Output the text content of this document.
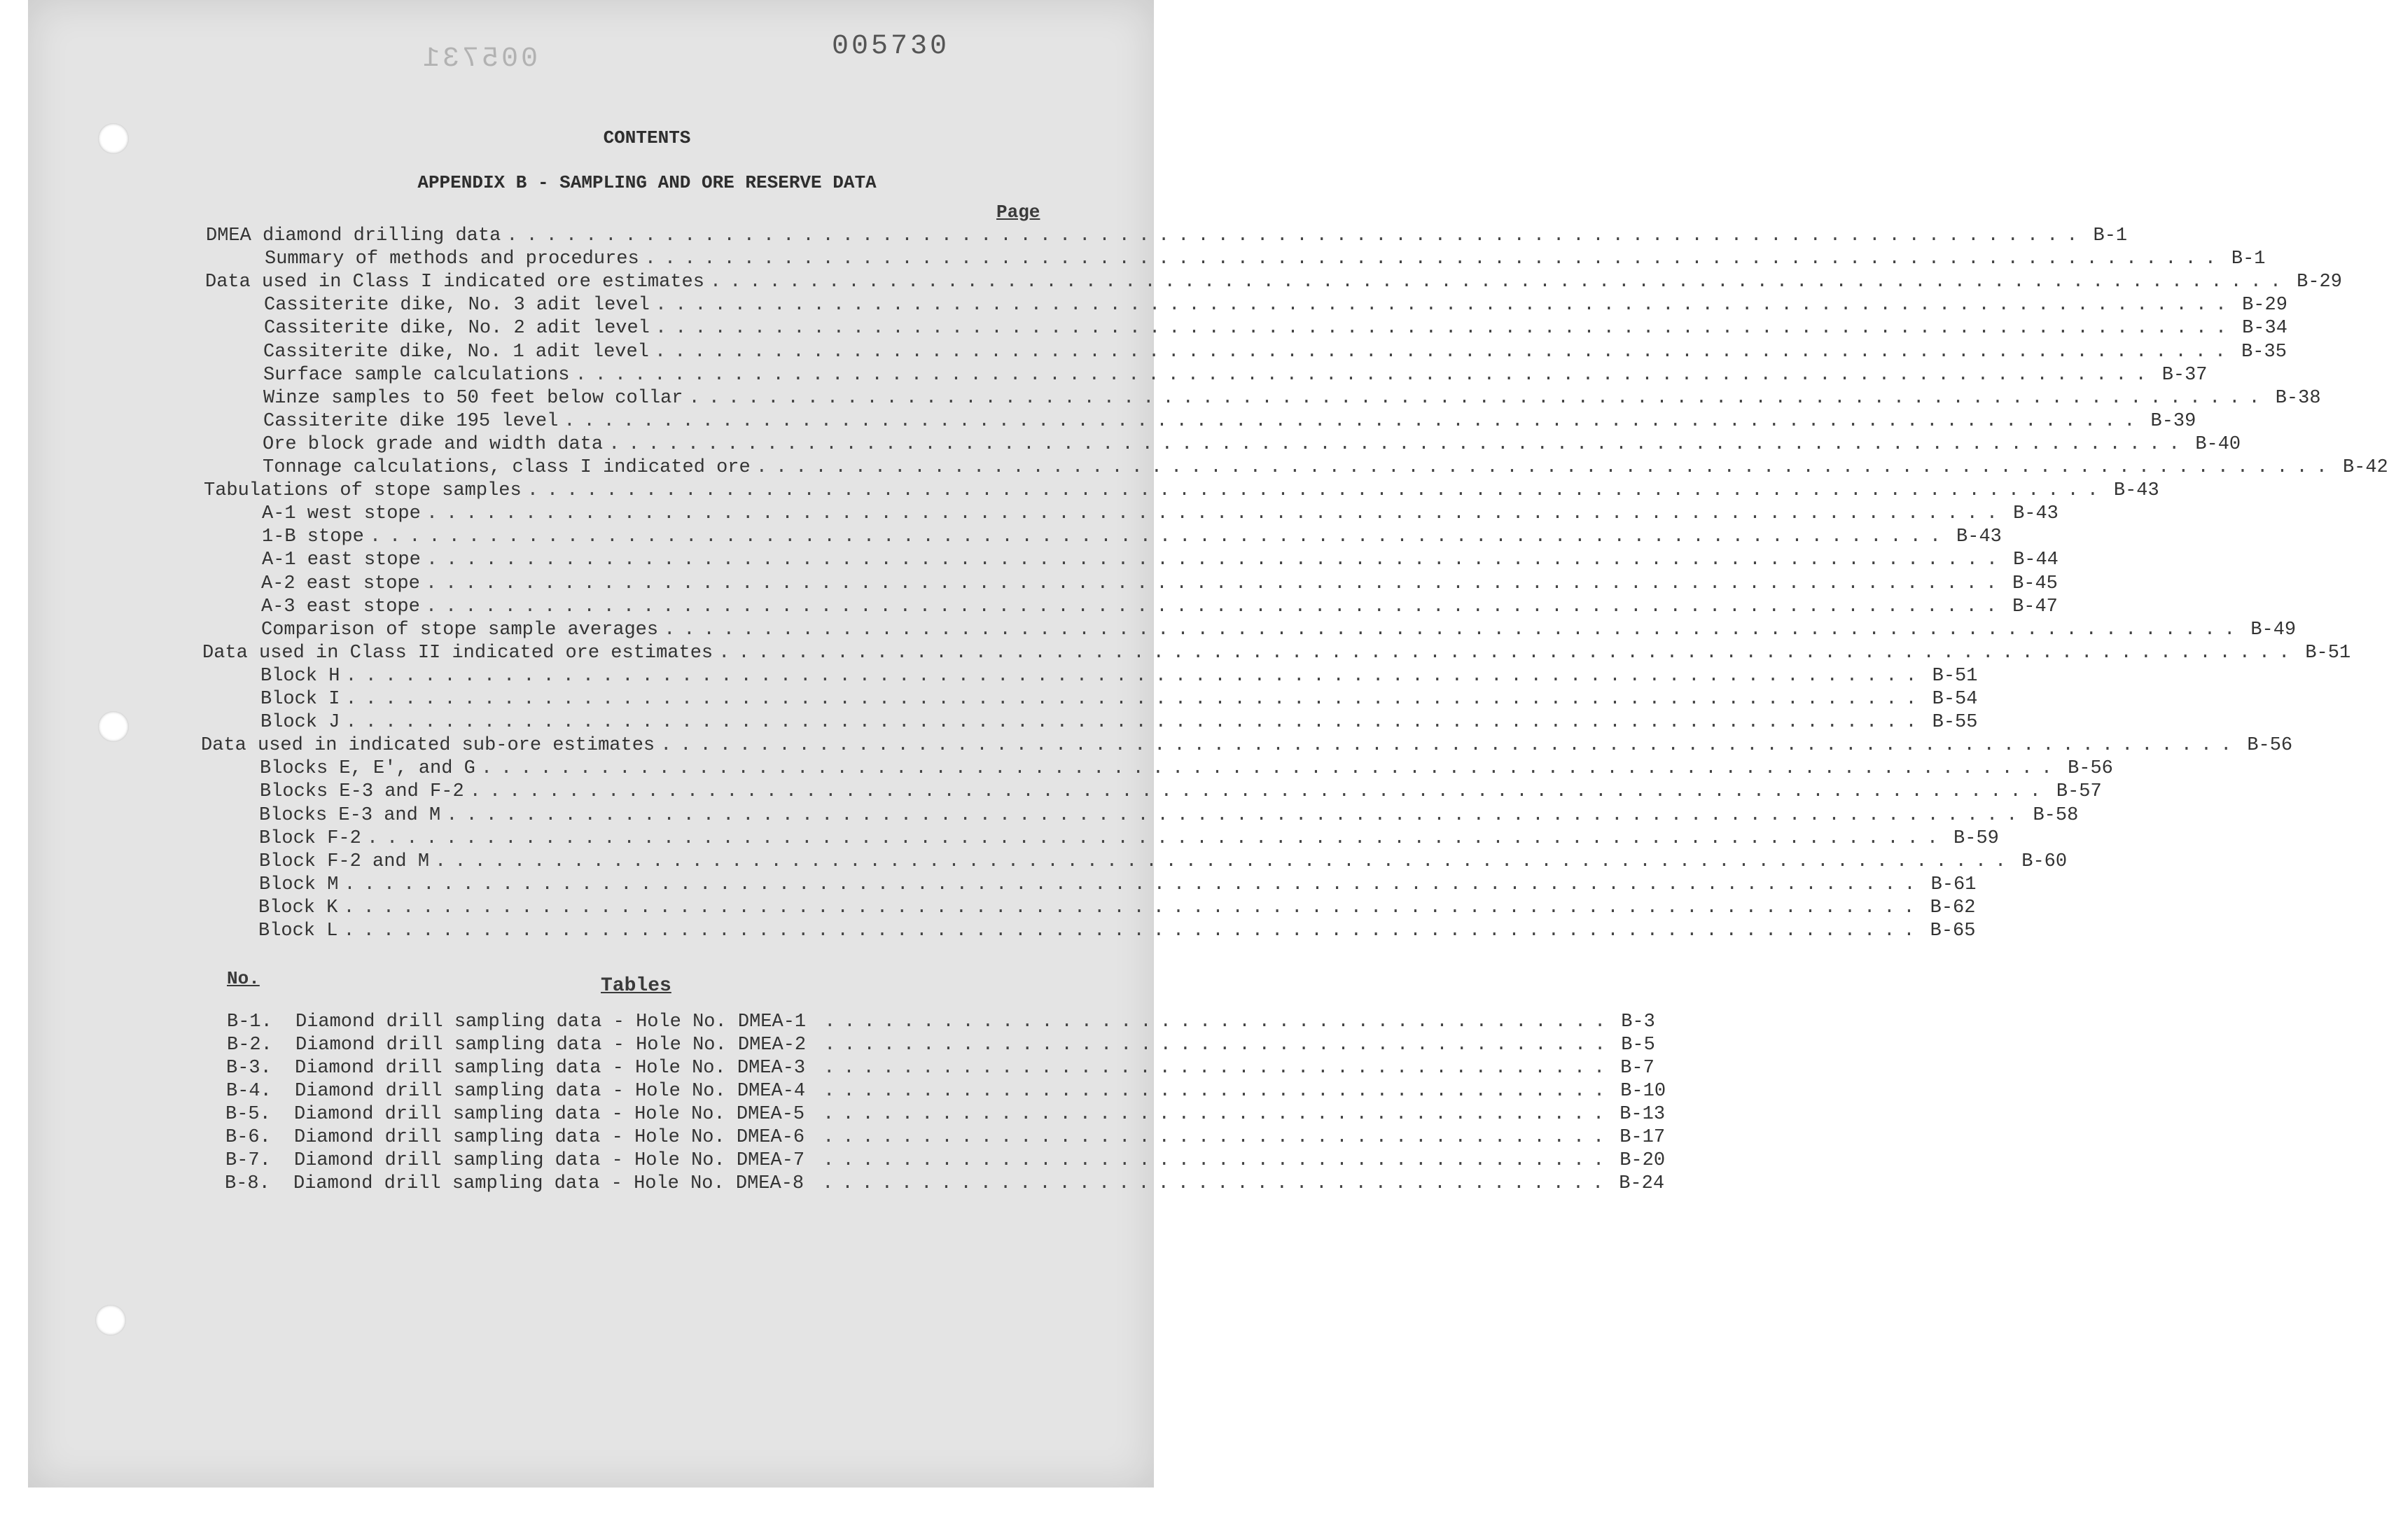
005730
005731
CONTENTS
APPENDIX B - SAMPLING AND ORE RESERVE DATA
Page
DMEA diamond drilling data ................................................................................ B-1
Summary of methods and procedures ................................................................................ B-1
Data used in Class I indicated ore estimates ................................................................................ B-29
Cassiterite dike, No. 3 adit level ................................................................................ B-29
Cassiterite dike, No. 2 adit level ................................................................................ B-34
Cassiterite dike, No. 1 adit level ................................................................................ B-35
Surface sample calculations ................................................................................ B-37
Winze samples to 50 feet below collar ................................................................................ B-38
Cassiterite dike 195 level ................................................................................ B-39
Ore block grade and width data ................................................................................ B-40
Tonnage calculations, class I indicated ore ................................................................................ B-42
Tabulations of stope samples ................................................................................ B-43
A-1 west stope ................................................................................ B-43
1-B stope ................................................................................ B-43
A-1 east stope ................................................................................ B-44
A-2 east stope ................................................................................ B-45
A-3 east stope ................................................................................ B-47
Comparison of stope sample averages ................................................................................ B-49
Data used in Class II indicated ore estimates ................................................................................ B-51
Block H ................................................................................ B-51
Block I ................................................................................ B-54
Block J ................................................................................ B-55
Data used in indicated sub-ore estimates ................................................................................ B-56
Blocks E, E', and G ................................................................................ B-56
Blocks E-3 and F-2 ................................................................................ B-57
Blocks E-3 and M ................................................................................ B-58
Block F-2 ................................................................................ B-59
Block F-2 and M ................................................................................ B-60
Block M ................................................................................ B-61
Block K ................................................................................ B-62
Block L ................................................................................ B-65
No.	Tables
B-1.	Diamond drill sampling data - Hole No. DMEA-1 ........................................ B-3
B-2.	Diamond drill sampling data - Hole No. DMEA-2 ........................................ B-5
B-3.	Diamond drill sampling data - Hole No. DMEA-3 ........................................ B-7
B-4.	Diamond drill sampling data - Hole No. DMEA-4 ........................................ B-10
B-5.	Diamond drill sampling data - Hole No. DMEA-5 ........................................ B-13
B-6.	Diamond drill sampling data - Hole No. DMEA-6 ........................................ B-17
B-7.	Diamond drill sampling data - Hole No. DMEA-7 ........................................ B-20
B-8.	Diamond drill sampling data - Hole No. DMEA-8 ........................................ B-24
